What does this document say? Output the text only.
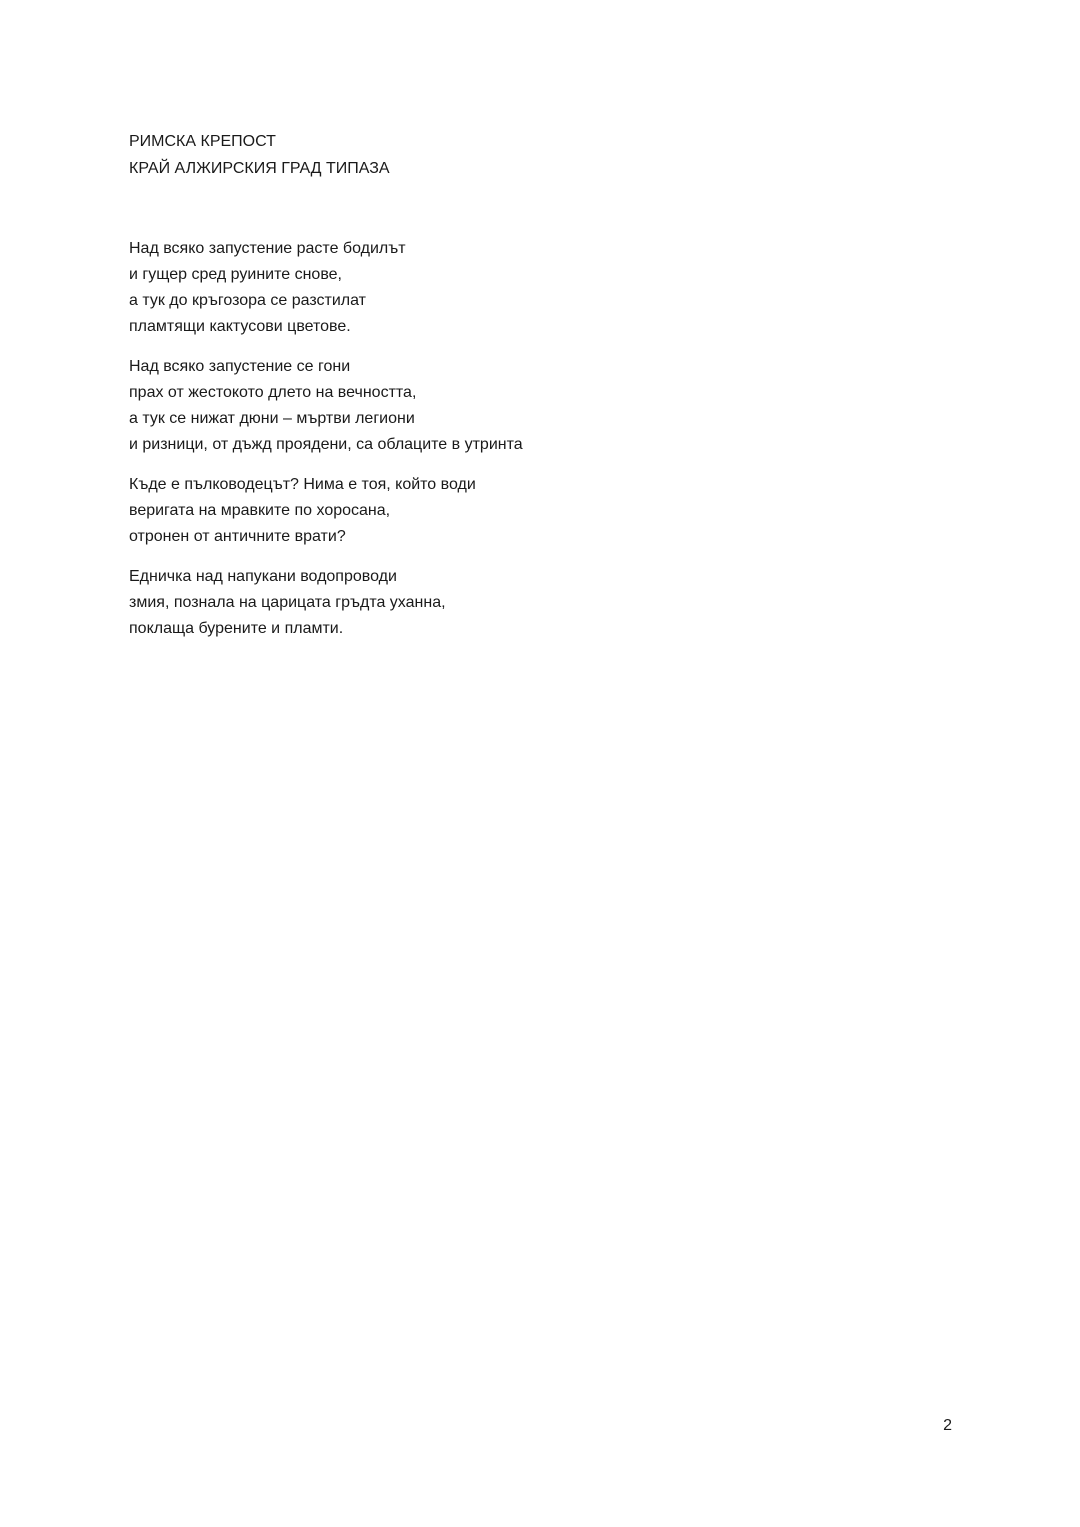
РИМСКА КРЕПОСТ
КРАЙ АЛЖИРСКИЯ ГРАД ТИПАЗА
Над всяко запустение расте бодилът
и гущер сред руините снове,
а тук до кръгозора се разстилат
пламтящи кактусови цветове.
Над всяко запустение се гони
прах от жестокото длето на вечността,
а тук се нижат дюни – мъртви легиони
и ризници, от дъжд проядени, са облаците в утринта
Къде е пълководецът? Нима е тоя, който води
веригата на мравките по хоросана,
отронен от античните врати?
Едничка над напукани водопроводи
змия, познала на царицата гръдта уханна,
поклаща бурените и пламти.
2
